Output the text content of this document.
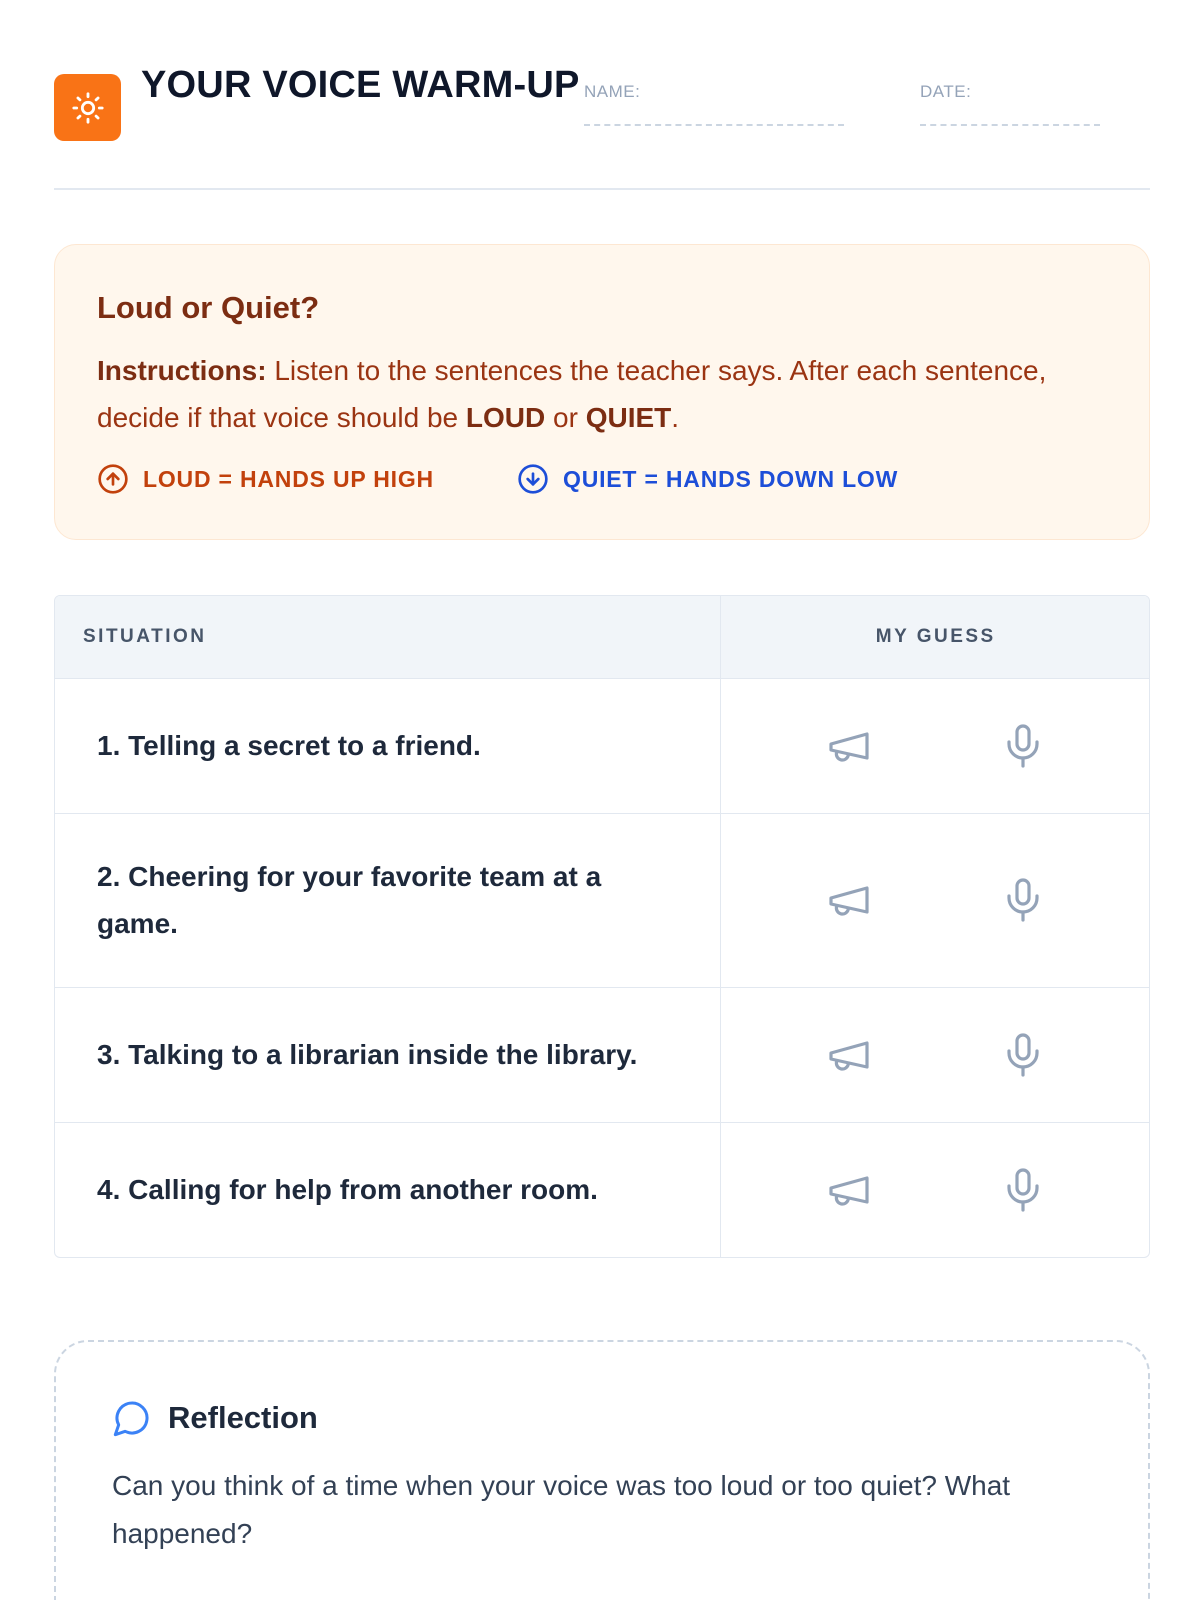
YOUR VOICE WARM-UP NAME:	DATE:
Loud or Quiet?
Instructions: Listen to the sentences the teacher says. After each sentence, decide if that voice should be LOUD or QUIET.
LOUD = HANDS UP HIGH	QUIET = HANDS DOWN LOW
SITUATION	MY GUESS
1. Telling a secret to a friend.	

2. Cheering for your favorite team at a game.	

3. Talking to a librarian inside the library.	

4. Calling for help from another room.	
Reflection
Can you think of a time when your voice was too loud or too quiet? What happened?
